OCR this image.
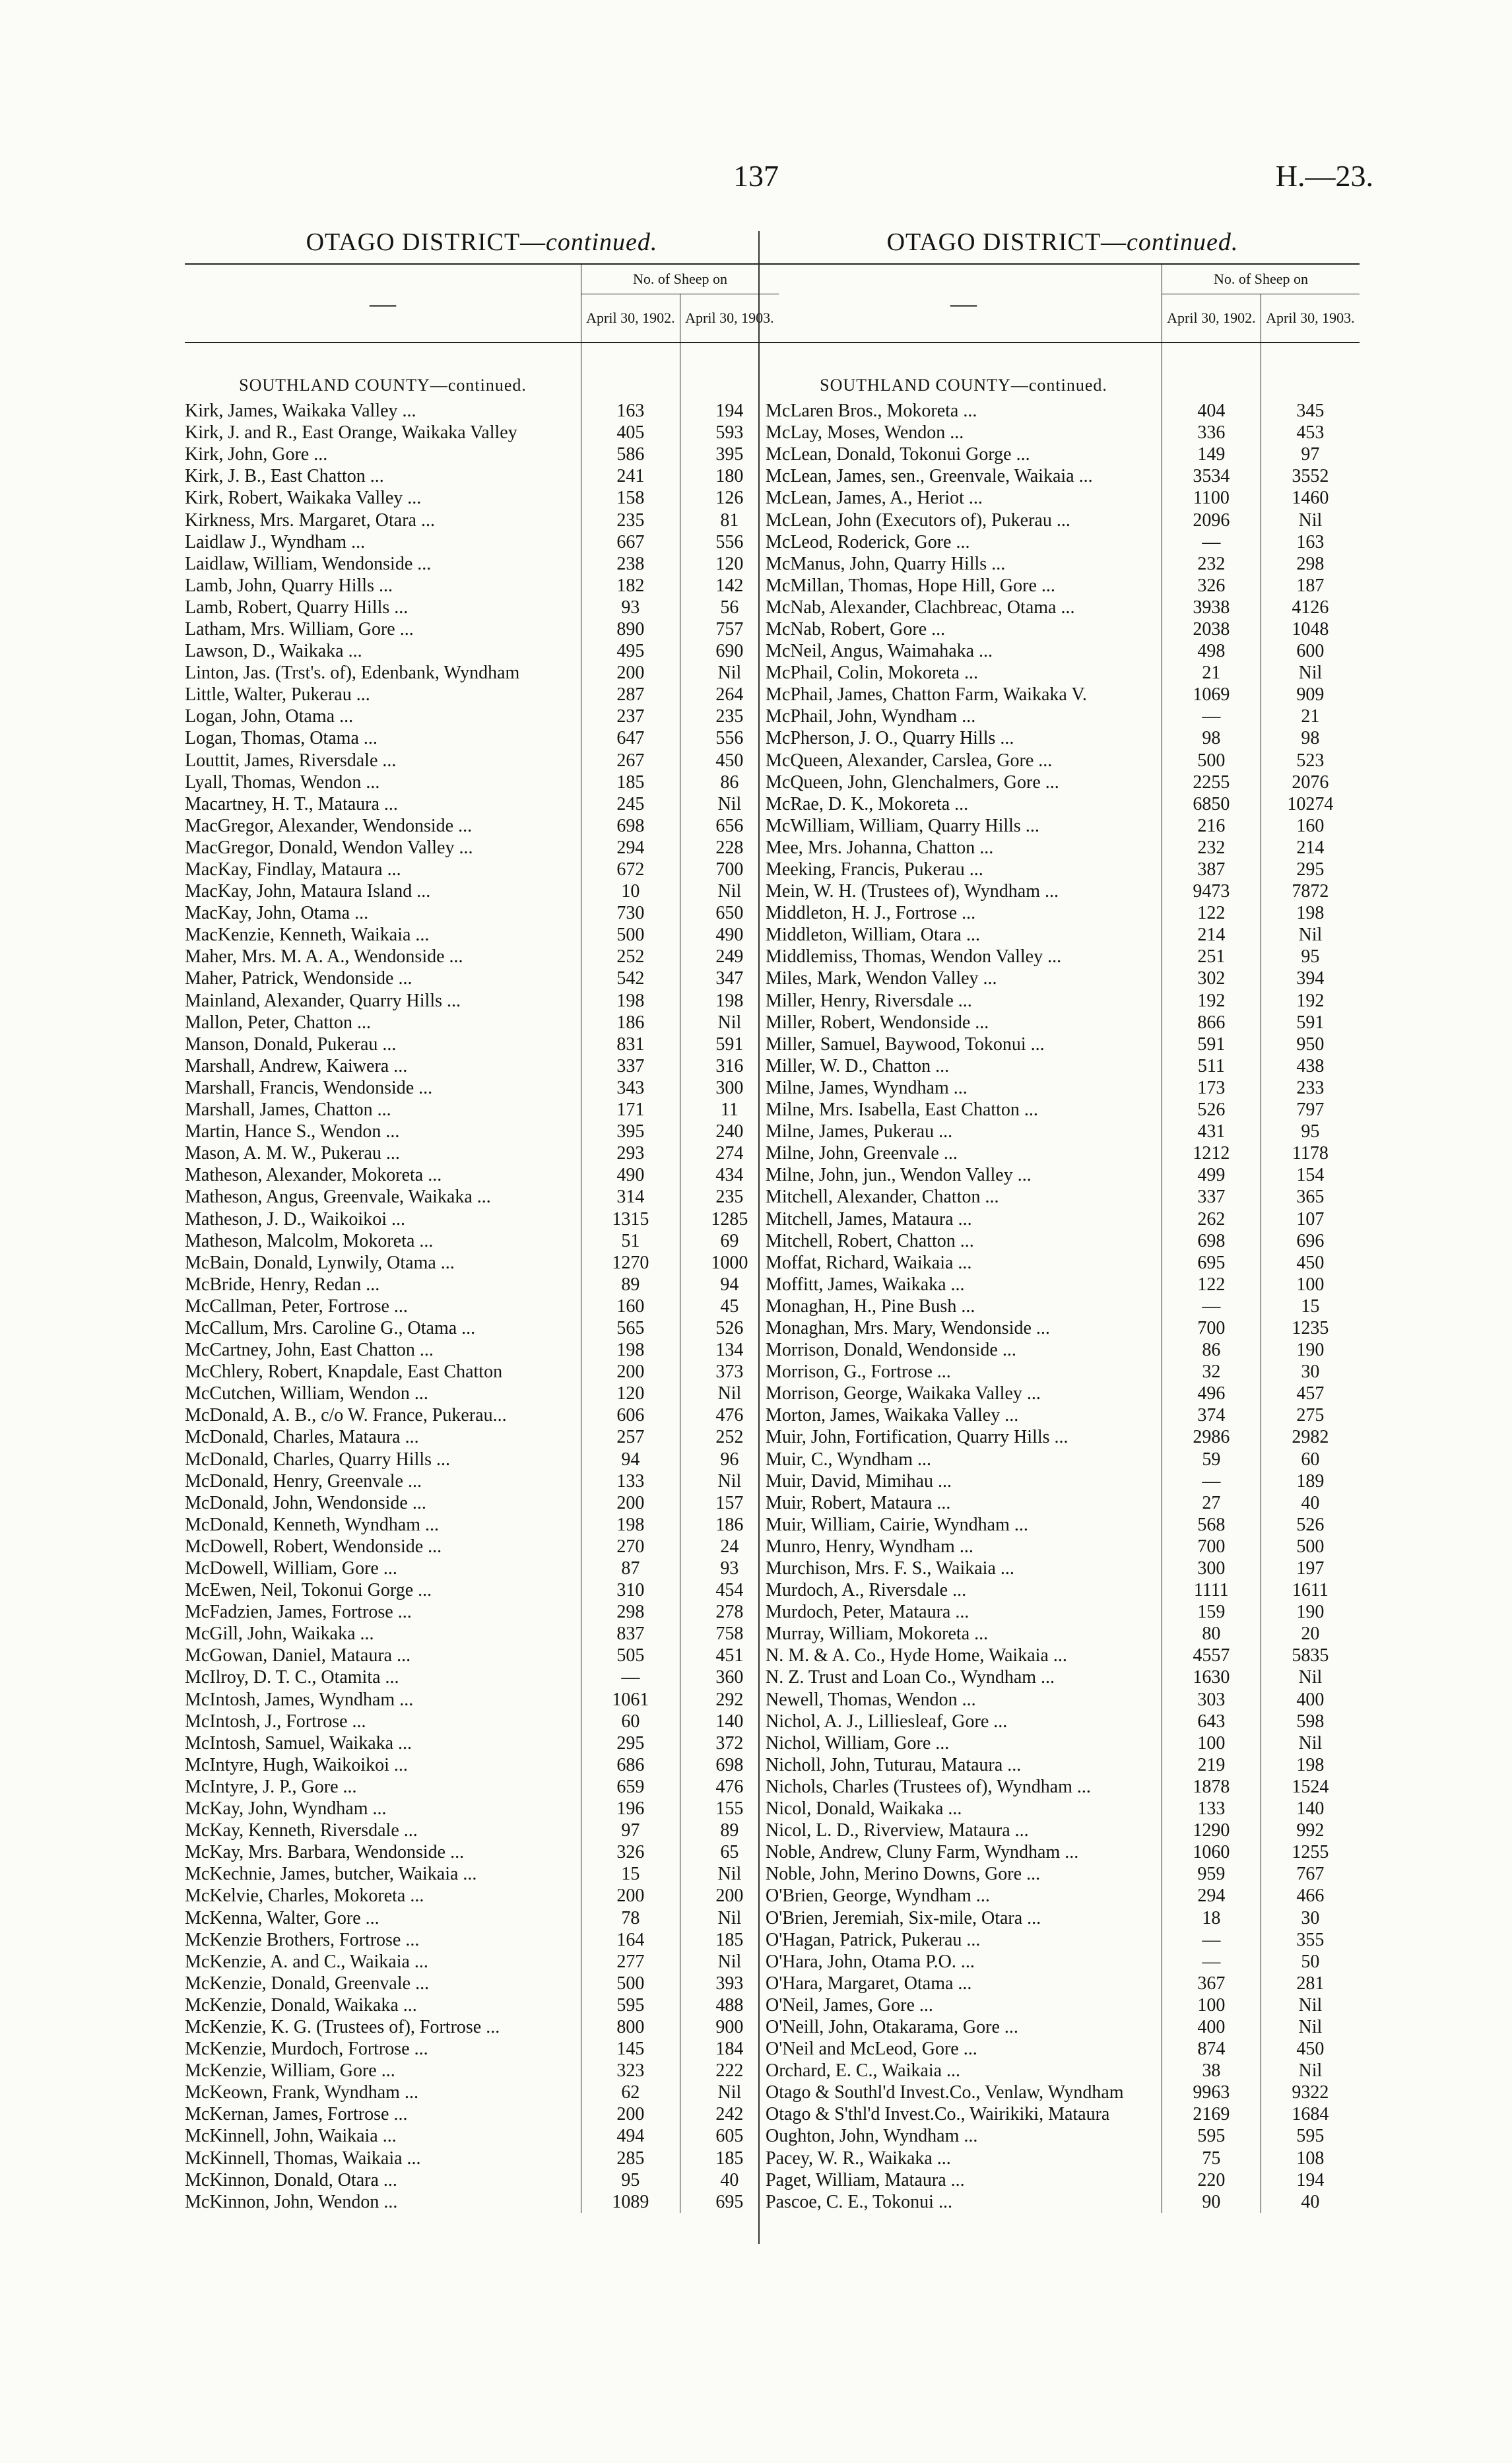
137	H.—23.
OTAGO DISTRICT—continued.
—	No. of Sheep on	
	April 30, 1902.	April 30, 1903.
SOUTHLAND COUNTY—continued.		
Kirk, James, Waikaka Valley ...	163	194
Kirk, J. and R., East Orange, Waikaka Valley	405	593
Kirk, John, Gore ...	586	395
Kirk, J. B., East Chatton ...	241	180
Kirk, Robert, Waikaka Valley ...	158	126
Kirkness, Mrs. Margaret, Otara ...	235	81
Laidlaw J., Wyndham ...	667	556
Laidlaw, William, Wendonside ...	238	120
Lamb, John, Quarry Hills ...	182	142
Lamb, Robert, Quarry Hills ...	93	56
Latham, Mrs. William, Gore ...	890	757
Lawson, D., Waikaka ...	495	690
Linton, Jas. (Trst's. of), Edenbank, Wyndham	200	Nil
Little, Walter, Pukerau ...	287	264
Logan, John, Otama ...	237	235
Logan, Thomas, Otama ...	647	556
Louttit, James, Riversdale ...	267	450
Lyall, Thomas, Wendon ...	185	86
Macartney, H. T., Mataura ...	245	Nil
MacGregor, Alexander, Wendonside ...	698	656
MacGregor, Donald, Wendon Valley ...	294	228
MacKay, Findlay, Mataura ...	672	700
MacKay, John, Mataura Island ...	10	Nil
MacKay, John, Otama ...	730	650
MacKenzie, Kenneth, Waikaia ...	500	490
Maher, Mrs. M. A. A., Wendonside ...	252	249
Maher, Patrick, Wendonside ...	542	347
Mainland, Alexander, Quarry Hills ...	198	198
Mallon, Peter, Chatton ...	186	Nil
Manson, Donald, Pukerau ...	831	591
Marshall, Andrew, Kaiwera ...	337	316
Marshall, Francis, Wendonside ...	343	300
Marshall, James, Chatton ...	171	11
Martin, Hance S., Wendon ...	395	240
Mason, A. M. W., Pukerau ...	293	274
Matheson, Alexander, Mokoreta ...	490	434
Matheson, Angus, Greenvale, Waikaka ...	314	235
Matheson, J. D., Waikoikoi ...	1315	1285
Matheson, Malcolm, Mokoreta ...	51	69
McBain, Donald, Lynwily, Otama ...	1270	1000
McBride, Henry, Redan ...	89	94
McCallman, Peter, Fortrose ...	160	45
McCallum, Mrs. Caroline G., Otama ...	565	526
McCartney, John, East Chatton ...	198	134
McChlery, Robert, Knapdale, East Chatton	200	373
McCutchen, William, Wendon ...	120	Nil
McDonald, A. B., c/o W. France, Pukerau...	606	476
McDonald, Charles, Mataura ...	257	252
McDonald, Charles, Quarry Hills ...	94	96
McDonald, Henry, Greenvale ...	133	Nil
McDonald, John, Wendonside ...	200	157
McDonald, Kenneth, Wyndham ...	198	186
McDowell, Robert, Wendonside ...	270	24
McDowell, William, Gore ...	87	93
McEwen, Neil, Tokonui Gorge ...	310	454
McFadzien, James, Fortrose ...	298	278
McGill, John, Waikaka ...	837	758
McGowan, Daniel, Mataura ...	505	451
McIlroy, D. T. C., Otamita ...	—	360
McIntosh, James, Wyndham ...	1061	292
McIntosh, J., Fortrose ...	60	140
McIntosh, Samuel, Waikaka ...	295	372
McIntyre, Hugh, Waikoikoi ...	686	698
McIntyre, J. P., Gore ...	659	476
McKay, John, Wyndham ...	196	155
McKay, Kenneth, Riversdale ...	97	89
McKay, Mrs. Barbara, Wendonside ...	326	65
McKechnie, James, butcher, Waikaia ...	15	Nil
McKelvie, Charles, Mokoreta ...	200	200
McKenna, Walter, Gore ...	78	Nil
McKenzie Brothers, Fortrose ...	164	185
McKenzie, A. and C., Waikaia ...	277	Nil
McKenzie, Donald, Greenvale ...	500	393
McKenzie, Donald, Waikaka ...	595	488
McKenzie, K. G. (Trustees of), Fortrose ...	800	900
McKenzie, Murdoch, Fortrose ...	145	184
McKenzie, William, Gore ...	323	222
McKeown, Frank, Wyndham ...	62	Nil
McKernan, James, Fortrose ...	200	242
McKinnell, John, Waikaia ...	494	605
McKinnell, Thomas, Waikaia ...	285	185
McKinnon, Donald, Otara ...	95	40
McKinnon, John, Wendon ...	1089	695
OTAGO DISTRICT—continued.
—	No. of Sheep on	
	April 30, 1902.	April 30, 1903.
SOUTHLAND COUNTY—continued.		
McLaren Bros., Mokoreta ...	404	345
McLay, Moses, Wendon ...	336	453
McLean, Donald, Tokonui Gorge ...	149	97
McLean, James, sen., Greenvale, Waikaia ...	3534	3552
McLean, James, A., Heriot ...	1100	1460
McLean, John (Executors of), Pukerau ...	2096	Nil
McLeod, Roderick, Gore ...	—	163
McManus, John, Quarry Hills ...	232	298
McMillan, Thomas, Hope Hill, Gore ...	326	187
McNab, Alexander, Clachbreac, Otama ...	3938	4126
McNab, Robert, Gore ...	2038	1048
McNeil, Angus, Waimahaka ...	498	600
McPhail, Colin, Mokoreta ...	21	Nil
McPhail, James, Chatton Farm, Waikaka V.	1069	909
McPhail, John, Wyndham ...	—	21
McPherson, J. O., Quarry Hills ...	98	98
McQueen, Alexander, Carslea, Gore ...	500	523
McQueen, John, Glenchalmers, Gore ...	2255	2076
McRae, D. K., Mokoreta ...	6850	10274
McWilliam, William, Quarry Hills ...	216	160
Mee, Mrs. Johanna, Chatton ...	232	214
Meeking, Francis, Pukerau ...	387	295
Mein, W. H. (Trustees of), Wyndham ...	9473	7872
Middleton, H. J., Fortrose ...	122	198
Middleton, William, Otara ...	214	Nil
Middlemiss, Thomas, Wendon Valley ...	251	95
Miles, Mark, Wendon Valley ...	302	394
Miller, Henry, Riversdale ...	192	192
Miller, Robert, Wendonside ...	866	591
Miller, Samuel, Baywood, Tokonui ...	591	950
Miller, W. D., Chatton ...	511	438
Milne, James, Wyndham ...	173	233
Milne, Mrs. Isabella, East Chatton ...	526	797
Milne, James, Pukerau ...	431	95
Milne, John, Greenvale ...	1212	1178
Milne, John, jun., Wendon Valley ...	499	154
Mitchell, Alexander, Chatton ...	337	365
Mitchell, James, Mataura ...	262	107
Mitchell, Robert, Chatton ...	698	696
Moffat, Richard, Waikaia ...	695	450
Moffitt, James, Waikaka ...	122	100
Monaghan, H., Pine Bush ...	—	15
Monaghan, Mrs. Mary, Wendonside ...	700	1235
Morrison, Donald, Wendonside ...	86	190
Morrison, G., Fortrose ...	32	30
Morrison, George, Waikaka Valley ...	496	457
Morton, James, Waikaka Valley ...	374	275
Muir, John, Fortification, Quarry Hills ...	2986	2982
Muir, C., Wyndham ...	59	60
Muir, David, Mimihau ...	—	189
Muir, Robert, Mataura ...	27	40
Muir, William, Cairie, Wyndham ...	568	526
Munro, Henry, Wyndham ...	700	500
Murchison, Mrs. F. S., Waikaia ...	300	197
Murdoch, A., Riversdale ...	1111	1611
Murdoch, Peter, Mataura ...	159	190
Murray, William, Mokoreta ...	80	20
N. M. & A. Co., Hyde Home, Waikaia ...	4557	5835
N. Z. Trust and Loan Co., Wyndham ...	1630	Nil
Newell, Thomas, Wendon ...	303	400
Nichol, A. J., Lillieslеaf, Gore ...	643	598
Nichol, William, Gore ...	100	Nil
Nicholl, John, Tuturau, Mataura ...	219	198
Nichols, Charles (Trustees of), Wyndham ...	1878	1524
Nicol, Donald, Waikaka ...	133	140
Nicol, L. D., Riverview, Mataura ...	1290	992
Noble, Andrew, Cluny Farm, Wyndham ...	1060	1255
Noble, John, Merino Downs, Gore ...	959	767
O'Brien, George, Wyndham ...	294	466
O'Brien, Jeremiah, Six-mile, Otara ...	18	30
O'Hagan, Patrick, Pukerau ...	—	355
O'Hara, John, Otama P.O. ...	—	50
O'Hara, Margaret, Otama ...	367	281
O'Neil, James, Gore ...	100	Nil
O'Neill, John, Otakarama, Gore ...	400	Nil
O'Neil and McLeod, Gore ...	874	450
Orchard, E. C., Waikaia ...	38	Nil
Otago & Southl'd Invest.Co., Venlaw, Wyndham	9963	9322
Otago & S'thl'd Invest.Co., Wairikiki, Mataura	2169	1684
Oughton, John, Wyndham ...	595	595
Pacey, W. R., Waikaka ...	75	108
Paget, William, Mataura ...	220	194
Pascoe, C. E., Tokonui ...	90	40
